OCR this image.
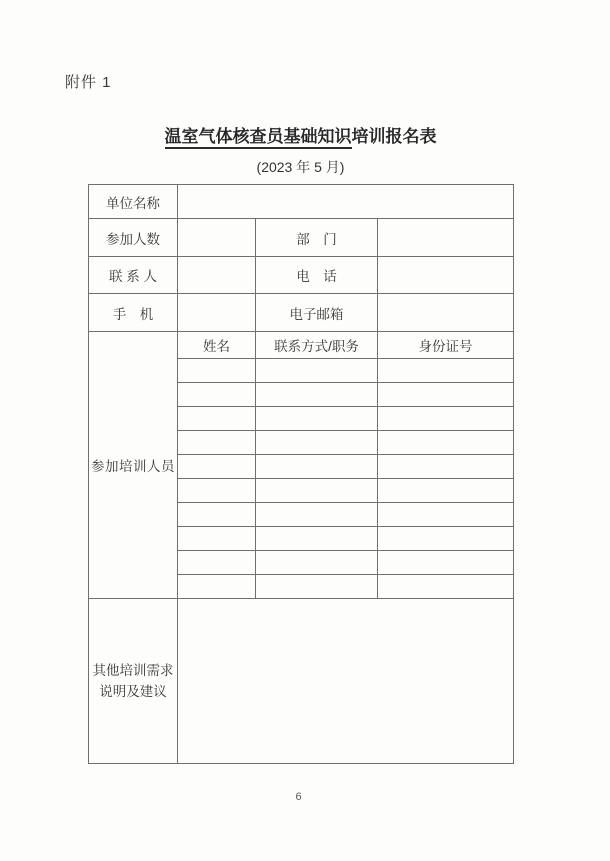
附件 1
温室气体核查员基础知识培训报名表
(2023 年 5 月)
单位名称			
参加人数		部　门	
联 系 人		电　话	
手　机		电子邮箱	
参加培训人员	姓名	联系方式/职务	身份证号

其他培训需求
说明及建议			

6
